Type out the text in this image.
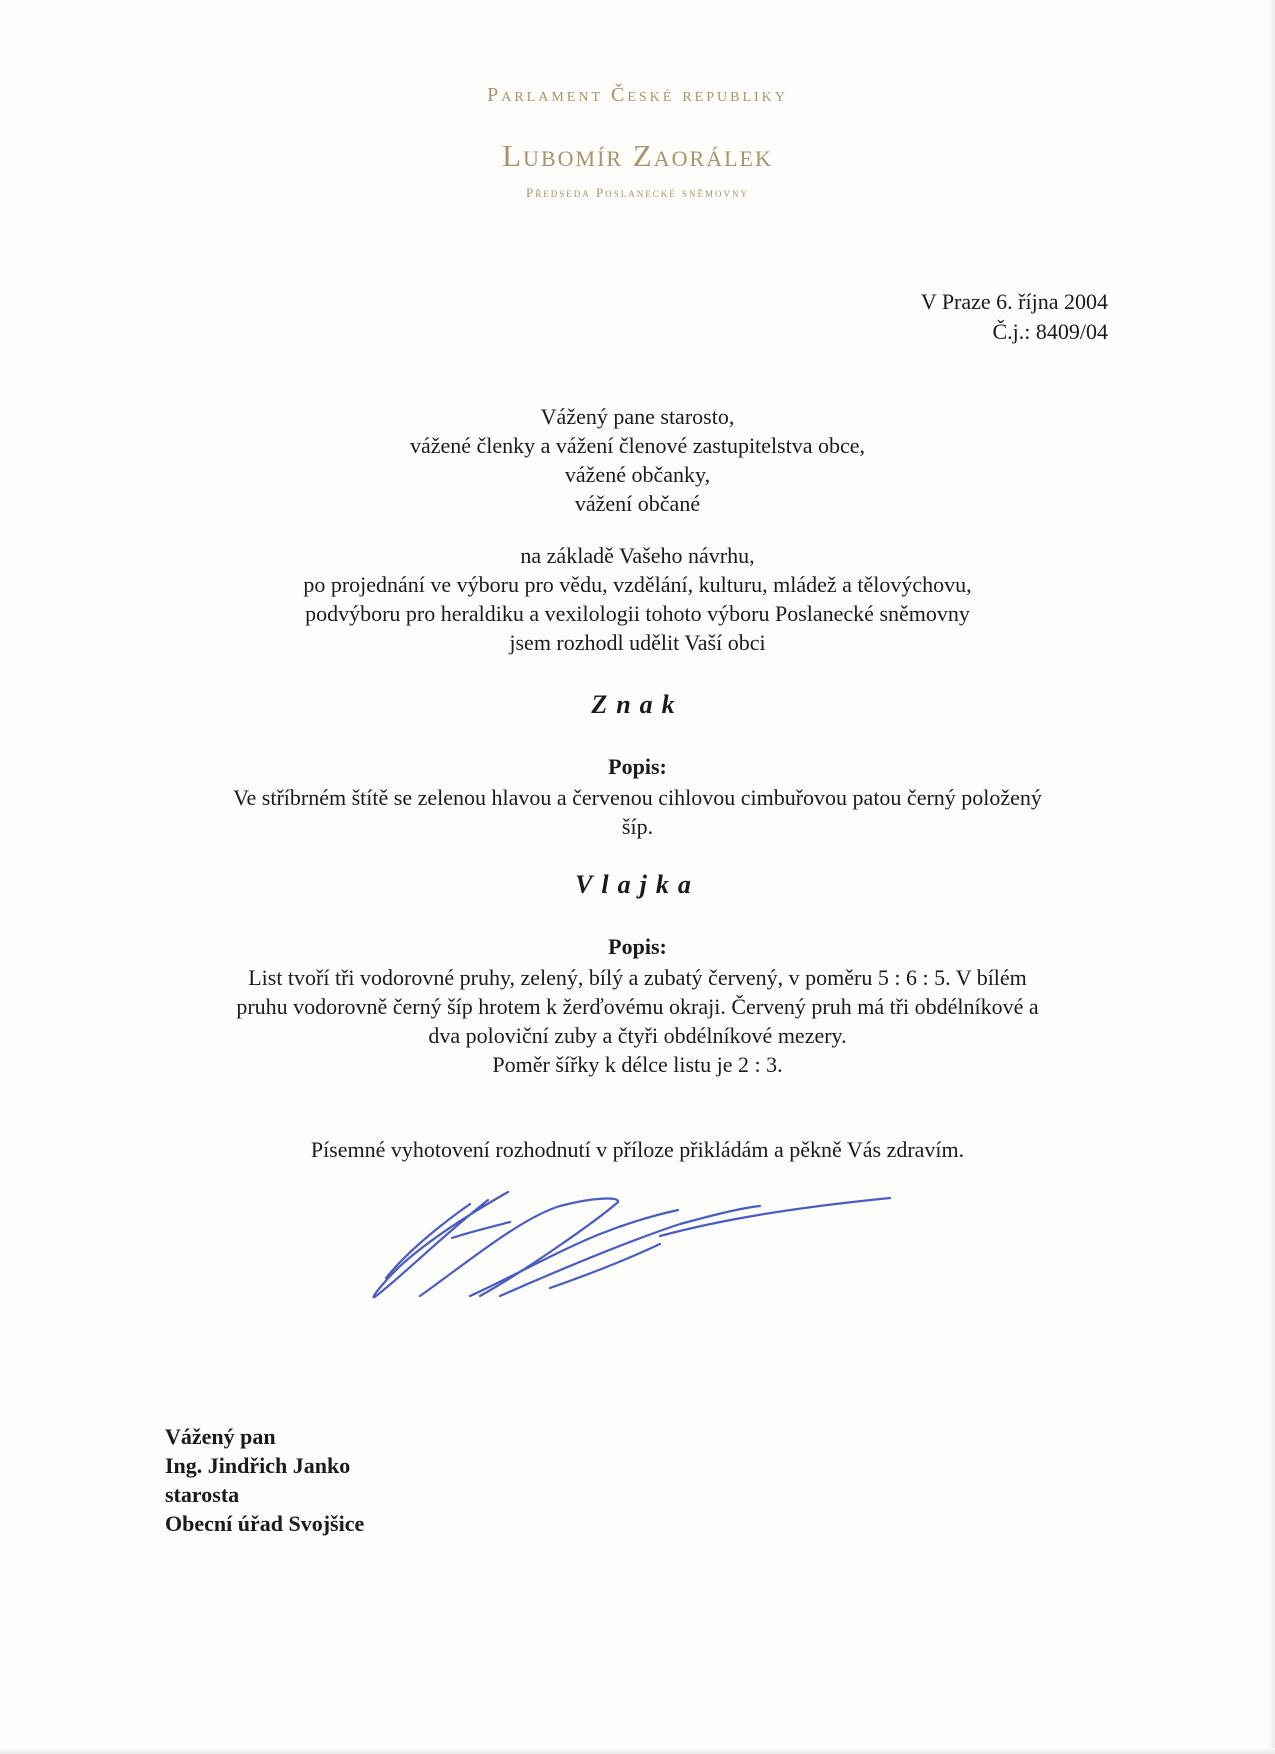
Parlament České republiky
Lubomír Zaorálek
Předseda Poslanecké sněmovny
V Praze 6. října 2004
Č.j.: 8409/04
Vážený pane starosto,
vážené členky a vážení členové zastupitelstva obce,
vážené občanky,
vážení občané
na základě Vašeho návrhu,
po projednání ve výboru pro vědu, vzdělání, kulturu, mládež a tělovýchovu,
podvýboru pro heraldiku a vexilologii tohoto výboru Poslanecké sněmovny
jsem rozhodl udělit Vaší obci
Znak
Popis:
Ve stříbrném štítě se zelenou hlavou a červenou cihlovou cimbuřovou patou černý položený
šíp.
Vlajka
Popis:
List tvoří tři vodorovné pruhy, zelený, bílý a zubatý červený, v poměru 5 : 6 : 5. V bílém
pruhu vodorovně černý šíp hrotem k žerďovému okraji. Červený pruh má tři obdélníkové a
dva poloviční zuby a čtyři obdélníkové mezery.
Poměr šířky k délce listu je 2 : 3.
Písemné vyhotovení rozhodnutí v příloze přikládám a pěkně Vás zdravím.
Vážený pan
Ing. Jindřich Janko
starosta
Obecní úřad Svojšice
